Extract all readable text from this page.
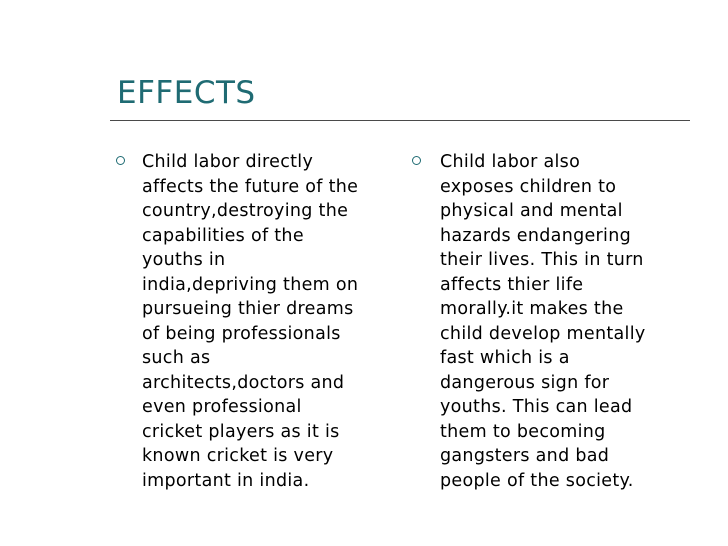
EFFECTS

Child labor directly
affects the future of the
country,destroying the
capabilities of the
youths in
india,depriving them on
pursueing thier dreams
of being professionals
such as
architects,doctors and
even professional
cricket players as it is
known cricket is very
important in india.

Child labor also
exposes children to
physical and mental
hazards endangering
their lives. This in turn
affects thier life
morally.it makes the
child develop mentally
fast which is a
dangerous sign for
youths. This can lead
them to becoming
gangsters and bad
people of the society.
